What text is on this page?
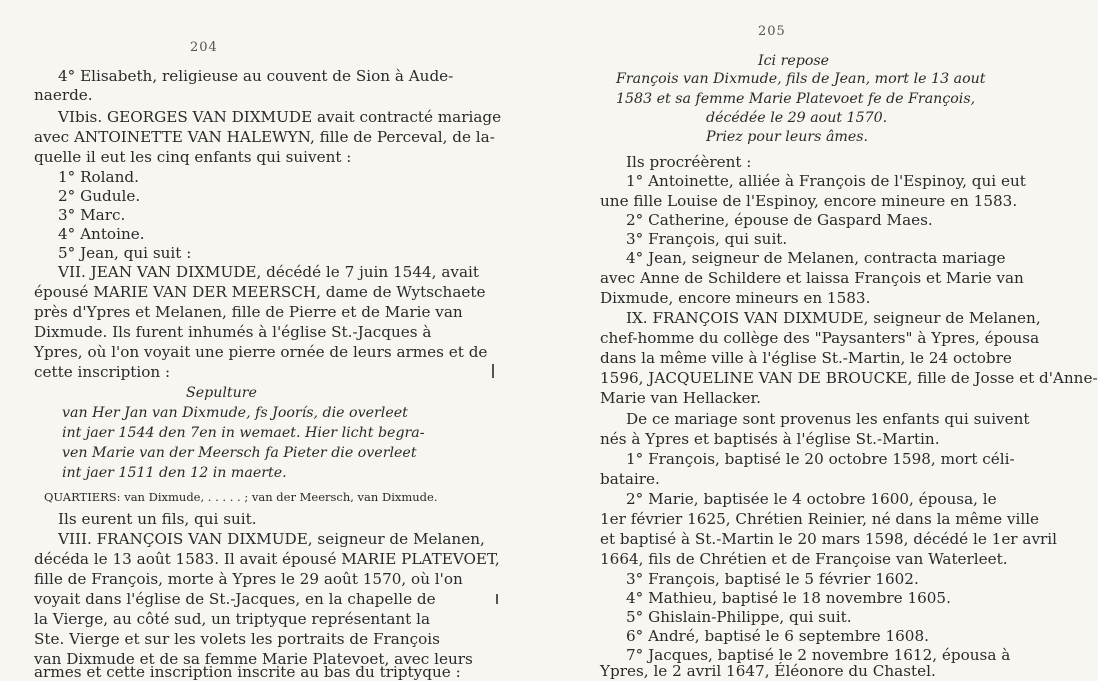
204
4° Elisabeth, religieuse au couvent de Sion à Aude-
naerde.
VIbis. GEORGES VAN DIXMUDE avait contracté mariage
avec ANTOINETTE VAN HALEWYN, fille de Perceval, de la-
quelle il eut les cinq enfants qui suivent :
1° Roland.
2° Gudule.
3° Marc.
4° Antoine.
5° Jean, qui suit :
VII. JEAN VAN DIXMUDE, décédé le 7 juin 1544, avait
épousé MARIE VAN DER MEERSCH, dame de Wytschaete
près d'Ypres et Melanen, fille de Pierre et de Marie van
Dixmude. Ils furent inhumés à l'église St.-Jacques à
Ypres, où l'on voyait une pierre ornée de leurs armes et de
cette inscription :
Sepulture
van Her Jan van Dixmude, fs Joorís, die overleet
int jaer 1544 den 7en in wemaet. Hier licht begra-
ven Marie van der Meersch fa Pieter die overleet
int jaer 1511 den 12 in maerte.
QUARTIERS: van Dixmude, . . . . . ; van der Meersch, van Dixmude.
Ils eurent un fils, qui suit.
VIII. FRANÇOIS VAN DIXMUDE, seigneur de Melanen,
décéda le 13 août 1583. Il avait épousé MARIE PLATEVOET,
fille de François, morte à Ypres le 29 août 1570, où l'on
voyait dans l'église de St.-Jacques, en la chapelle de
la Vierge, au côté sud, un triptyque représentant la
Ste. Vierge et sur les volets les portraits de François
van Dixmude et de sa femme Marie Platevoet, avec leurs
armes et cette inscription inscrite au bas du triptyque :
205
Ici repose
François van Dixmude, fils de Jean, mort le 13 aout
1583 et sa femme Marie Platevoet fe de François,
décédée le 29 aout 1570.
Priez pour leurs âmes.
Ils procréèrent :
1° Antoinette, alliée à François de l'Espinoy, qui eut
une fille Louise de l'Espinoy, encore mineure en 1583.
2° Catherine, épouse de Gaspard Maes.
3° François, qui suit.
4° Jean, seigneur de Melanen, contracta mariage
avec Anne de Schildere et laissa François et Marie van
Dixmude, encore mineurs en 1583.
IX. FRANÇOIS VAN DIXMUDE, seigneur de Melanen,
chef-homme du collège des "Paysanters" à Ypres, épousa
dans la même ville à l'église St.-Martin, le 24 octobre
1596, JACQUELINE VAN DE BROUCKE, fille de Josse et d'Anne-
Marie van Hellacker.
De ce mariage sont provenus les enfants qui suivent
nés à Ypres et baptisés à l'église St.-Martin.
1° François, baptisé le 20 octobre 1598, mort céli-
bataire.
2° Marie, baptisée le 4 octobre 1600, épousa, le
1er février 1625, Chrétien Reinier, né dans la même ville
et baptisé à St.-Martin le 20 mars 1598, décédé le 1er avril
1664, fils de Chrétien et de Françoise van Waterleet.
3° François, baptisé le 5 février 1602.
4° Mathieu, baptisé le 18 novembre 1605.
5° Ghislain-Philippe, qui suit.
6° André, baptisé le 6 septembre 1608.
7° Jacques, baptisé le 2 novembre 1612, épousa à
Ypres, le 2 avril 1647, Éléonore du Chastel.
